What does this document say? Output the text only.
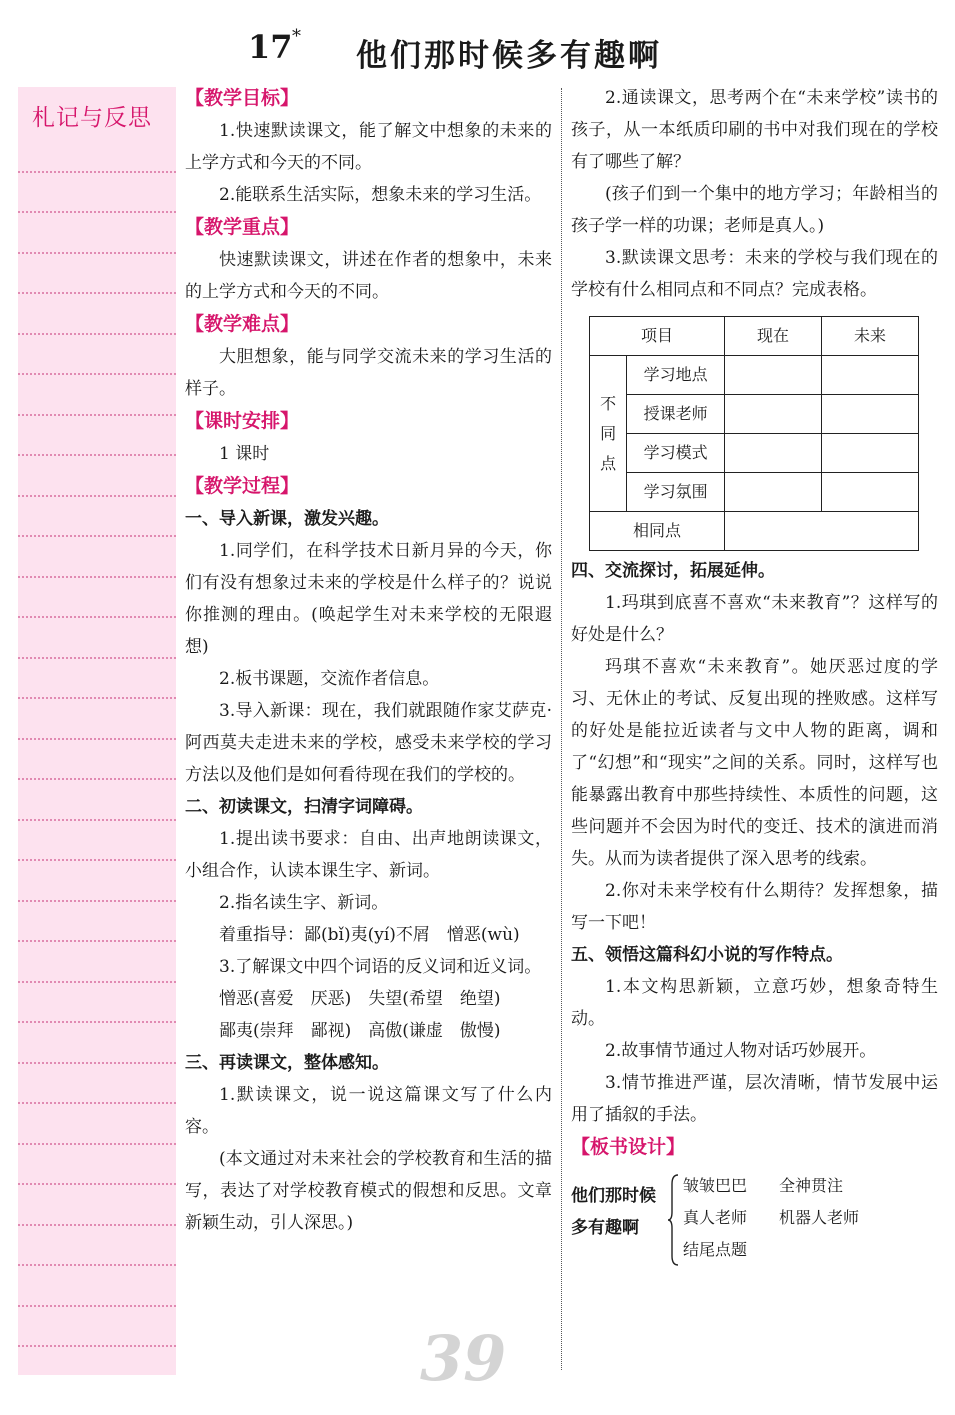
17 *
他们那时候多有趣啊
札记与反思

【教学目标】

1.快速默读课文，能了解文中想象的未来的上学方式和今天的不同。

2.能联系生活实际，想象未来的学习生活。

【教学重点】

快速默读课文，讲述在作者的想象中，未来的上学方式和今天的不同。

【教学难点】

大胆想象，能与同学交流未来的学习生活的样子。

【课时安排】

1 课时

【教学过程】

一、导入新课，激发兴趣。

1.同学们，在科学技术日新月异的今天，你们有没有想象过未来的学校是什么样子的？说说你推测的理由。(唤起学生对未来学校的无限遐想)

2.板书课题，交流作者信息。

3.导入新课：现在，我们就跟随作家艾萨克·阿西莫夫走进未来的学校，感受未来学校的学习方法以及他们是如何看待现在我们的学校的。

二、初读课文，扫清字词障碍。

1.提出读书要求：自由、出声地朗读课文，小组合作，认读本课生字、新词。

2.指名读生字、新词。

着重指导：鄙(bǐ)夷(yí)不屑　憎恶(wù)

3.了解课文中四个词语的反义词和近义词。

憎恶(喜爱　厌恶)　失望(希望　绝望)

鄙夷(崇拜　鄙视)　高傲(谦虚　傲慢)

三、再读课文，整体感知。

1.默读课文，说一说这篇课文写了什么内容。

(本文通过对未来社会的学校教育和生活的描写，表达了对学校教育模式的假想和反思。文章新颖生动，引人深思。)

2.通读课文，思考两个在“未来学校”读书的孩子，从一本纸质印刷的书中对我们现在的学校有了哪些了解？

(孩子们到一个集中的地方学习；年龄相当的孩子学一样的功课；老师是真人。)

3.默读课文思考：未来的学校与我们现在的学校有什么相同点和不同点？完成表格。

项目		现在	未来
不同点	学习地点		
	授课老师		
	学习模式		
	学习氛围		
相同点			

四、交流探讨，拓展延伸。

1.玛琪到底喜不喜欢“未来教育”？这样写的好处是什么？

玛琪不喜欢“未来教育”。她厌恶过度的学习、无休止的考试、反复出现的挫败感。这样写的好处是能拉近读者与文中人物的距离，调和了“幻想”和“现实”之间的关系。同时，这样写也能暴露出教育中那些持续性、本质性的问题，这些问题并不会因为时代的变迁、技术的演进而消失。从而为读者提供了深入思考的线索。

2.你对未来学校有什么期待？发挥想象，描写一下吧！

五、领悟这篇科幻小说的写作特点。

1.本文构思新颖，立意巧妙，想象奇特生动。

2.故事情节通过人物对话巧妙展开。

3.情节推进严谨，层次清晰，情节发展中运用了插叙的手法。

【板书设计】

他们那时候
多有趣啊
皱皱巴巴　　全神贯注
真人老师　　机器人老师
结尾点题
39
